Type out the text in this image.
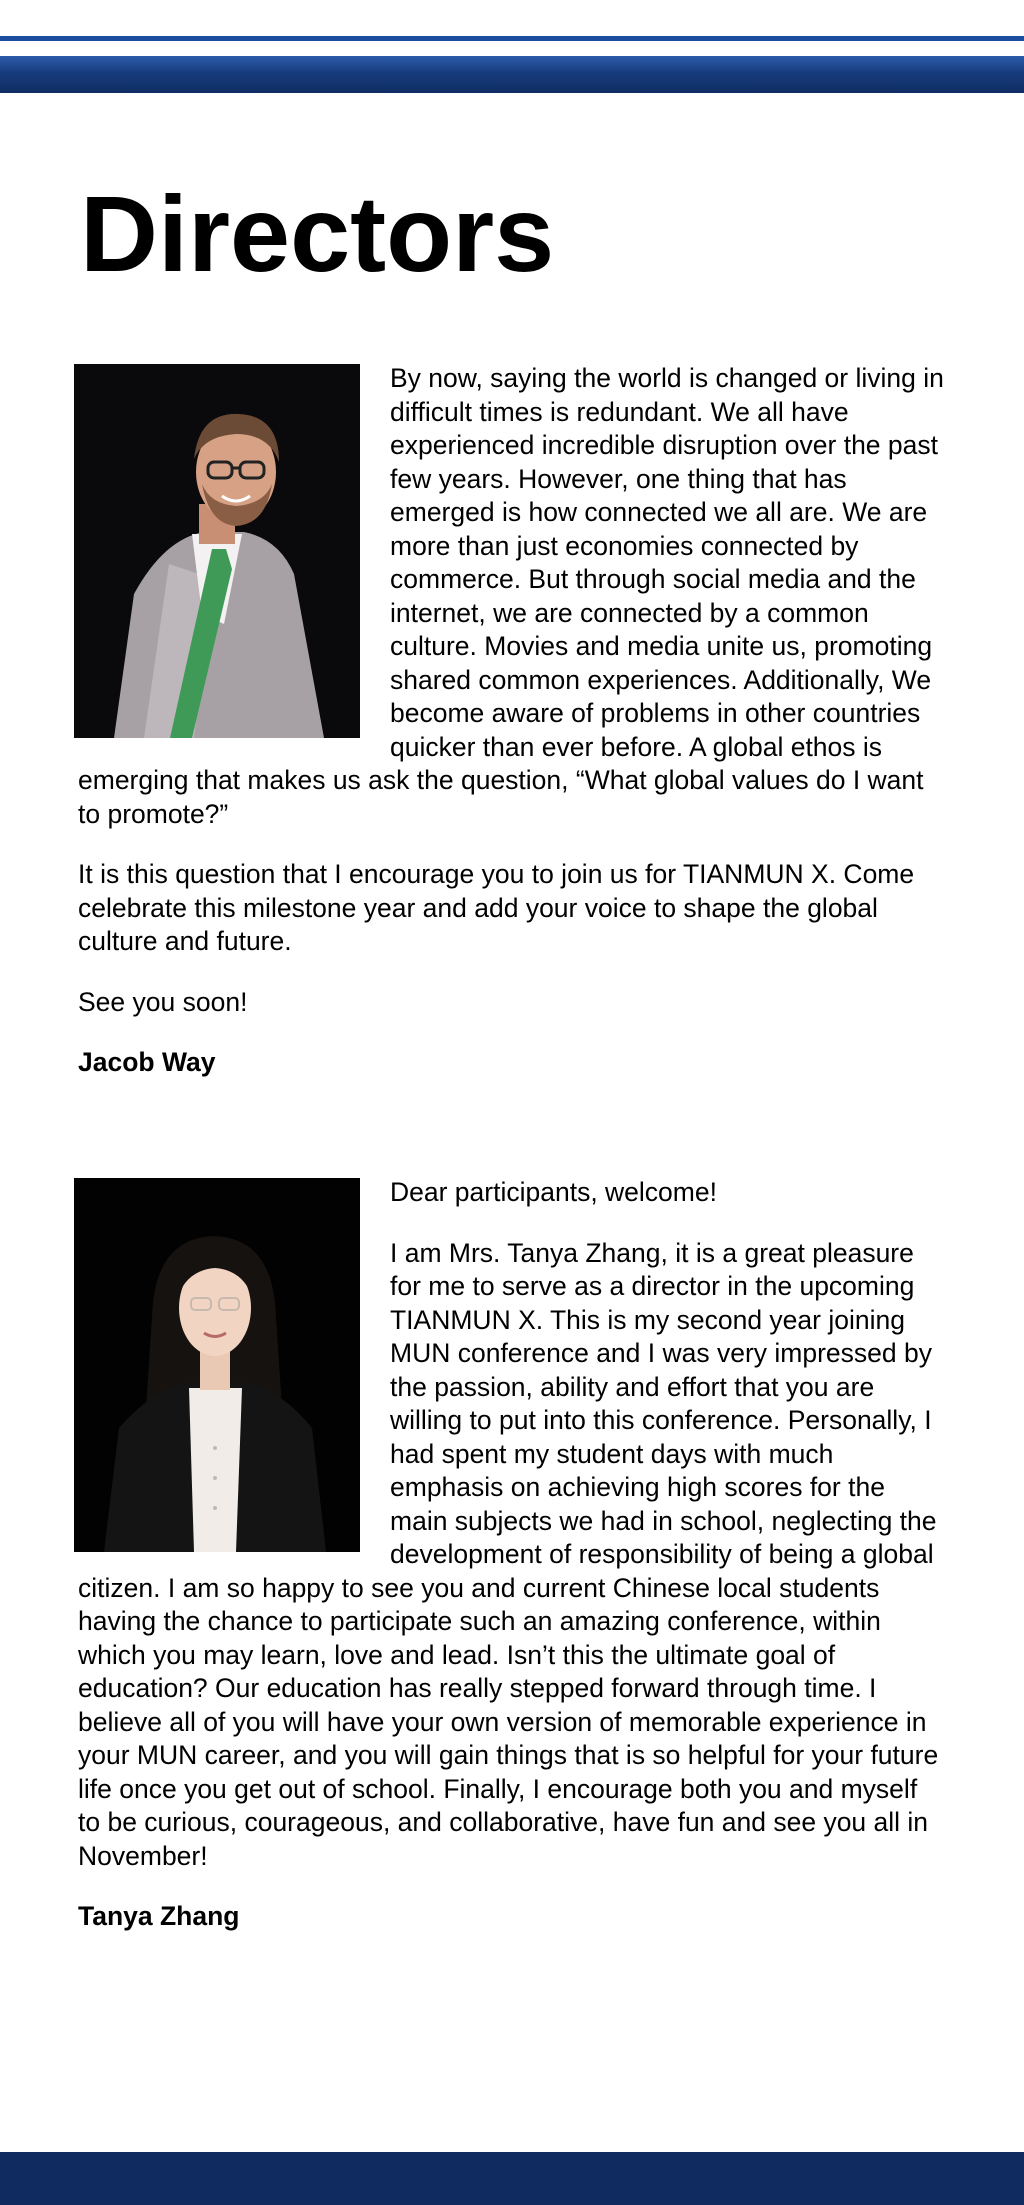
Directors

By now, saying the world is changed or living in difficult times is redundant. We all have experienced incredible disruption over the past few years. However, one thing that has emerged is how connected we all are. We are more than just economies connected by commerce. But through social media and the internet, we are connected by a common culture. Movies and media unite us, promoting shared common experiences. Additionally, We become aware of problems in other countries quicker than ever before. A global ethos is emerging that makes us ask the question, “What global values do I want to promote?”

It is this question that I encourage you to join us for TIANMUN X. Come celebrate this milestone year and add your voice to shape the global culture and future.

See you soon!

Jacob Way

Dear participants, welcome!

I am Mrs. Tanya Zhang, it is a great pleasure for me to serve as a director in the upcoming TIANMUN X. This is my second year joining MUN conference and I was very impressed by the passion, ability and effort that you are willing to put into this conference. Personally, I had spent my student days with much emphasis on achieving high scores for the main subjects we had in school, neglecting the development of responsibility of being a global citizen. I am so happy to see you and current Chinese local students having the chance to participate such an amazing conference, within which you may learn, love and lead. Isn’t this the ultimate goal of education? Our education has really stepped forward through time. I believe all of you will have your own version of memorable experience in your MUN career, and you will gain things that is so helpful for your future life once you get out of school. Finally, I encourage both you and myself to be curious, courageous, and collaborative, have fun and see you all in November!

Tanya Zhang
